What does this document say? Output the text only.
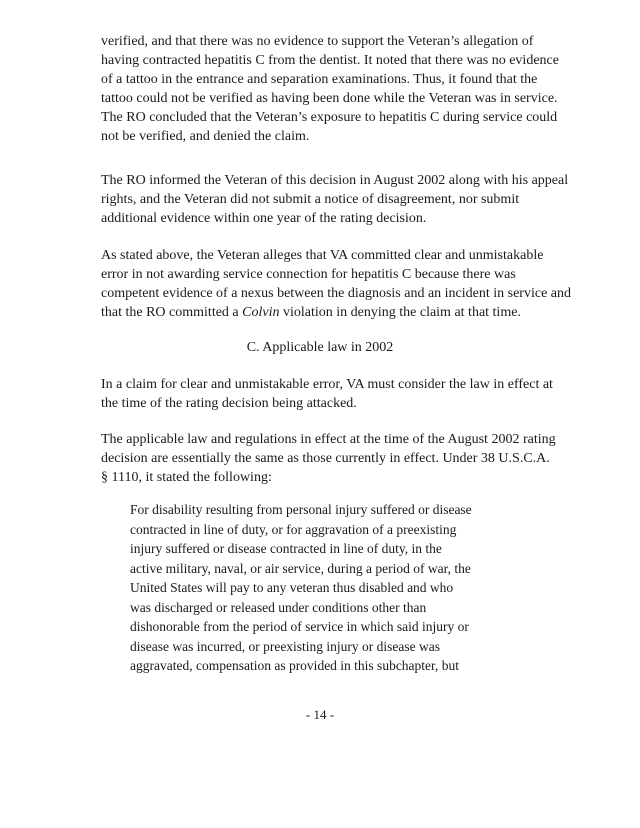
verified, and that there was no evidence to support the Veteran’s allegation of
having contracted hepatitis C from the dentist. It noted that there was no evidence
of a tattoo in the entrance and separation examinations. Thus, it found that the
tattoo could not be verified as having been done while the Veteran was in service.
The RO concluded that the Veteran’s exposure to hepatitis C during service could
not be verified, and denied the claim.

The RO informed the Veteran of this decision in August 2002 along with his appeal
rights, and the Veteran did not submit a notice of disagreement, nor submit
additional evidence within one year of the rating decision.

As stated above, the Veteran alleges that VA committed clear and unmistakable
error in not awarding service connection for hepatitis C because there was
competent evidence of a nexus between the diagnosis and an incident in service and
that the RO committed a Colvin violation in denying the claim at that time.

C. Applicable law in 2002

In a claim for clear and unmistakable error, VA must consider the law in effect at
the time of the rating decision being attacked.

The applicable law and regulations in effect at the time of the August 2002 rating
decision are essentially the same as those currently in effect. Under 38 U.S.C.A.
§ 1110, it stated the following:

For disability resulting from personal injury suffered or disease
contracted in line of duty, or for aggravation of a preexisting
injury suffered or disease contracted in line of duty, in the
active military, naval, or air service, during a period of war, the
United States will pay to any veteran thus disabled and who
was discharged or released under conditions other than
dishonorable from the period of service in which said injury or
disease was incurred, or preexisting injury or disease was
aggravated, compensation as provided in this subchapter, but

- 14 -
